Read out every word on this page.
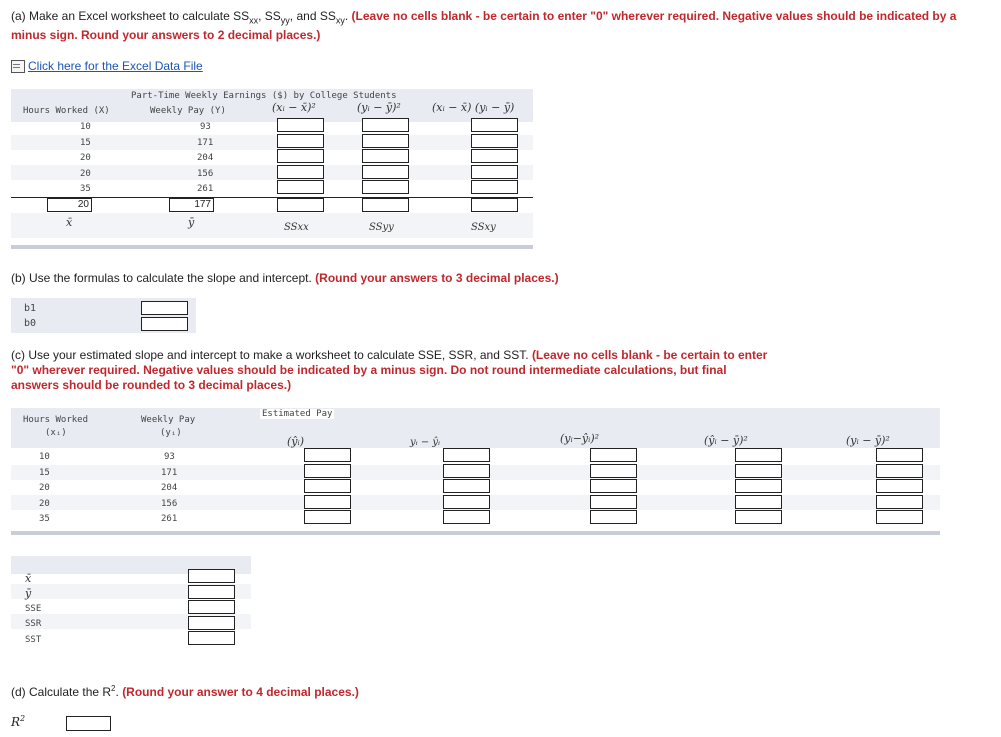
(a) Make an Excel worksheet to calculate $SS_{xx}$, $SS_{yy}$, and $SS_{xy}$. (Leave no cells blank - be certain to enter "0" wherever required. Negative values should be indicated by a minus sign. Round your answers to 2 decimal places.)
Click here for the Excel Data File
Part-Time Weekly Earnings ($) by College Students
Hours Worked (X)	Weekly Pay (Y)	(xᵢ − x̄)²	(yᵢ − ȳ)²	(xᵢ − x̄) (yᵢ − ȳ)
10	93
15	171
20	204
20	156
35	261
20	177
x̄	ȳ	SSxx	SSyy	SSxy
(b) Use the formulas to calculate the slope and intercept. (Round your answers to 3 decimal places.)
b1
b0
(c) Use your estimated slope and intercept to make a worksheet to calculate SSE, SSR, and SST. (Leave no cells blank - be certain to enter "0" wherever required. Negative values should be indicated by a minus sign. Do not round intermediate calculations, but final answers should be rounded to 3 decimal places.)
Hours Worked
(xᵢ)
Weekly Pay
(yᵢ)
Estimated Pay
(ŷᵢ)	yᵢ − ŷᵢ	(yᵢ−ŷᵢ)²	(ŷᵢ − ȳ)²	(yᵢ − ȳ)²
10	93
15	171
20	204
20	156
35	261
x̄
ȳ
SSE
SSR
SST
(d) Calculate the $R^2$. (Round your answer to 4 decimal places.)
$R^2$
